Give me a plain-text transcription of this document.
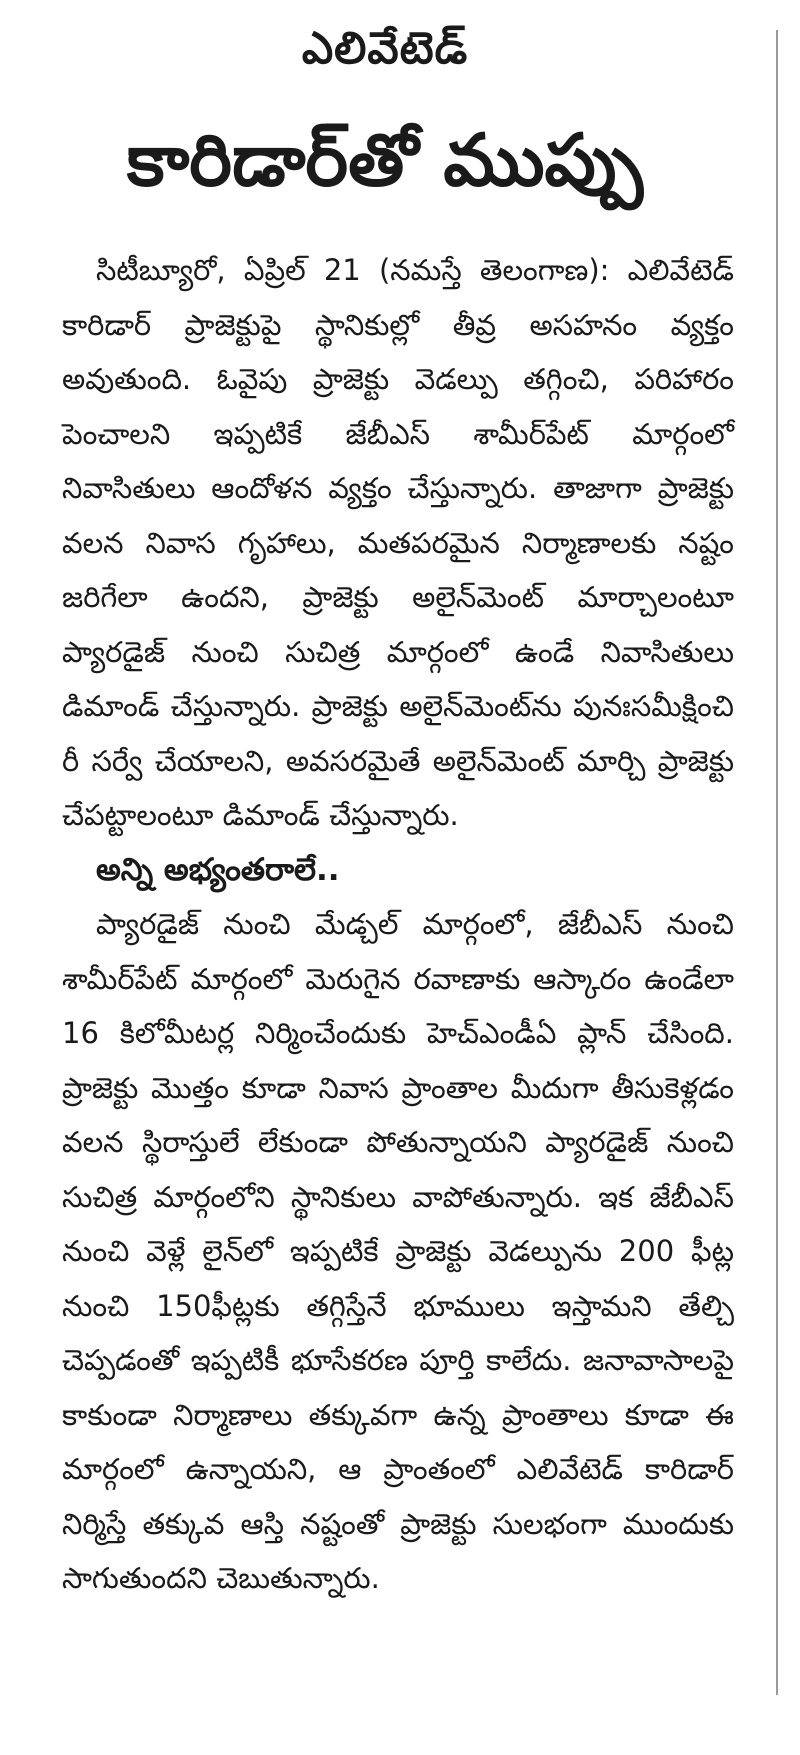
ఎలివేటెడ్
కారిడార్‌తో ముప్పు

సిటీబ్యూరో, ఏప్రిల్ 21 (నమస్తే తెలంగాణ): ఎలివేటెడ్ కారిడార్ ప్రాజెక్టుపై స్థానికుల్లో తీవ్ర అసహనం వ్యక్తం అవుతుంది. ఓవైపు ప్రాజెక్టు వెడల్పు తగ్గించి, పరిహారం పెంచాలని ఇప్పటికే జేబీఎస్ శామీర్‌పేట్ మార్గంలో నివాసితులు ఆందోళన వ్యక్తం చేస్తున్నారు. తాజాగా ప్రాజెక్టు వలన నివాస గృహాలు, మతపరమైన నిర్మాణాలకు నష్టం జరిగేలా ఉందని, ప్రాజెక్టు అలైన్‌మెంట్ మార్చాలంటూ ప్యారడైజ్ నుంచి సుచిత్ర మార్గంలో ఉండే నివాసితులు డిమాండ్ చేస్తున్నారు. ప్రాజెక్టు అలైన్‌మెంట్‌ను పునఃసమీక్షించి రీ సర్వే చేయాలని, అవసరమైతే అలైన్‌మెంట్ మార్చి ప్రాజెక్టు చేపట్టాలంటూ డిమాండ్ చేస్తున్నారు.

అన్ని అభ్యంతరాలే..

ప్యారడైజ్ నుంచి మేడ్చల్ మార్గంలో, జేబీఎస్ నుంచి శామీర్‌పేట్ మార్గంలో మెరుగైన రవాణాకు ఆస్కారం ఉండేలా 16 కిలోమీటర్ల నిర్మించేందుకు హెచ్‌ఎండీఏ ప్లాన్ చేసింది. ప్రాజెక్టు మొత్తం కూడా నివాస ప్రాంతాల మీదుగా తీసుకెళ్లడం వలన స్థిరాస్తులే లేకుండా పోతున్నాయని ప్యారడైజ్ నుంచి సుచిత్ర మార్గంలోని స్థానికులు వాపోతున్నారు. ఇక జేబీఎస్ నుంచి వెళ్లే లైన్‌లో ఇప్పటికే ప్రాజెక్టు వెడల్పును 200 ఫీట్ల నుంచి 150ఫీట్లకు తగ్గిస్తేనే భూములు ఇస్తామని తేల్చి చెప్పడంతో ఇప్పటికీ భూసేకరణ పూర్తి కాలేదు. జనావాసాలపై కాకుండా నిర్మాణాలు తక్కువగా ఉన్న ప్రాంతాలు కూడా ఈ మార్గంలో ఉన్నాయని, ఆ ప్రాంతంలో ఎలివేటెడ్ కారిడార్ నిర్మిస్తే తక్కువ ఆస్తి నష్టంతో ప్రాజెక్టు సులభంగా ముందుకు సాగుతుందని చెబుతున్నారు.
